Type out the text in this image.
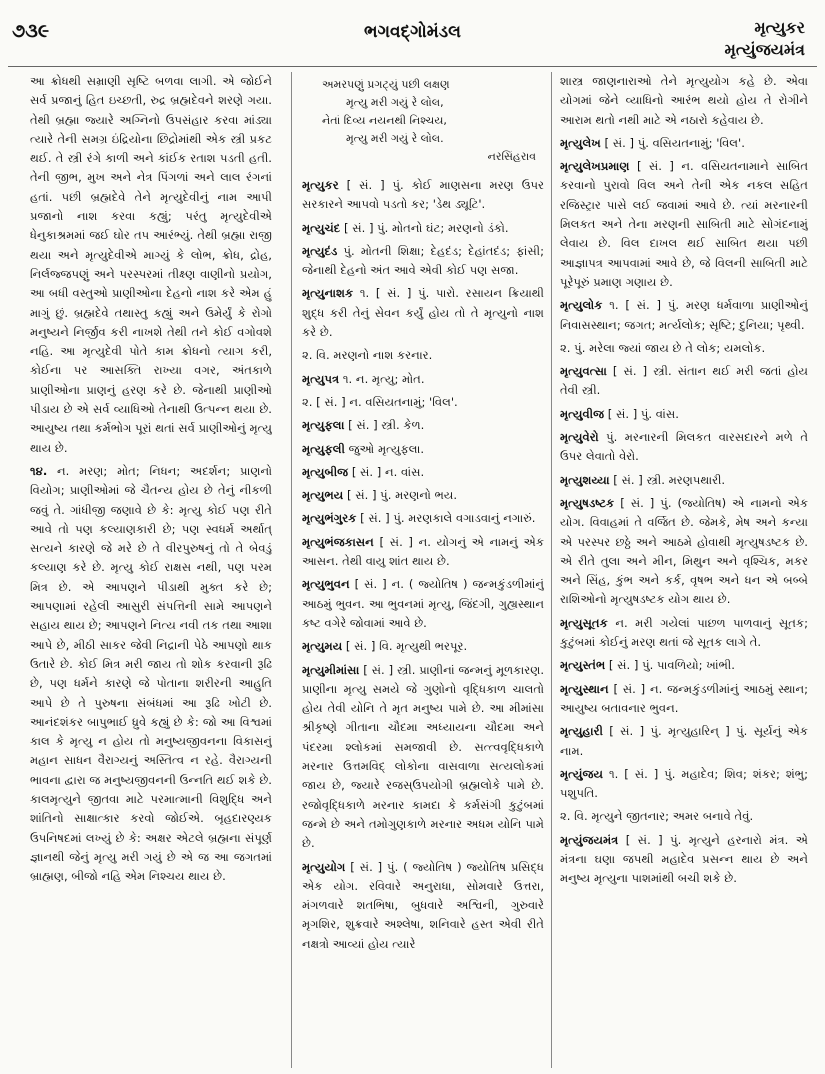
૭૩૯	ભગવદ્ગોમંડલ	મૃત્યુકર
મૃત્યુંજયમંત્ર

આ ક્રોધથી સમ્રાણી સૃષ્ટિ બળવા લાગી. એ જોઈને સર્વ પ્રજાનું હિત ઇચ્છતી, રુદ્ર બ્રહ્મદેવને શરણે ગયા. તેથી બ્રહ્મા જ્યારે અગ્નિનો ઉપસંહાર કરવા માંડ્યા ત્યારે તેની સમગ્ર ઇંદ્રિયોના છિદ્રોમાંથી એક સ્ત્રી પ્રકટ થઈ. તે સ્ત્રી રંગે કાળી અને કાંઈક રતાશ પડતી હતી. તેની જીભ, મુખ અને નેત્ર પિંગળાં અને લાલ રંગનાં હતાં. પછી બ્રહ્મદેવે તેને મૃત્યુદેવીનું નામ આપી પ્રજાનો નાશ કરવા કહ્યું; પરંતુ મૃત્યુદેવીએ ધેનુકાશ્રમમાં જઈ ઘોર તપ આરંભ્યું. તેથી બ્રહ્મા રાજી થયા અને મૃત્યુદેવીએ માગ્યું કે લોભ, ક્રોધ, દ્રોહ, નિર્લજ્જપણું અને પરસ્પરમાં તીક્ષ્ણ વાણીનો પ્રયોગ, આ બધી વસ્તુઓ પ્રાણીઓના દેહનો નાશ કરે એમ હું માગું છું. બ્રહ્મદેવે તથાસ્તુ કહ્યું અને ઉમેર્યું કે રોગો મનુષ્યને નિર્જીવ કરી નાખશે તેથી તને કોઈ વગોવશે નહિ. આ મૃત્યુદેવી પોતે કામ ક્રોધનો ત્યાગ કરી, કોઈના પર આસક્તિ રાખ્યા વગર, અંતકાળે પ્રાણીઓના પ્રાણનું હરણ કરે છે. જેનાથી પ્રાણીઓ પીડાય છે એ સર્વ વ્યાધિઓ તેનાથી ઉત્પન્ન થયા છે. આયુષ્ય તથા કર્મભોગ પૂરાં થતાં સર્વ પ્રાણીઓનું મૃત્યુ થાય છે.

૧૪. ન. મરણ; મોત; નિધન; અદર્શન; પ્રાણનો વિયોગ; પ્રાણીઓમાં જે ચૈતન્ય હોય છે તેનું નીકળી જવું તે. ગાંધીજી જણાવે છે કે: મૃત્યુ કોઈ પણ રીતે આવે તો પણ કલ્યાણકારી છે; પણ સ્વધર્મ અર્થાત્ સત્યને કારણે જે મરે છે તે વીરપુરુષનું તો તે બેવડું કલ્યાણ કરે છે. મૃત્યુ કોઈ રાક્ષસ નથી, પણ પરમ મિત્ર છે. એ આપણને પીડાથી મુક્ત કરે છે; આપણામાં રહેલી આસુરી સંપત્તિની સામે આપણને સહાય થાય છે; આપણને નિત્ય નવી તક તથા આશા આપે છે, મીઠી સાકર જેવી નિદ્રાની પેઠે આપણો થાક ઉતારે છે. કોઈ મિત્ર મરી જાય તો શોક કરવાની રૂઢિ છે, પણ ધર્મને કારણે જે પોતાના શરીરની આહુતિ આપે છે તે પુરુષના સંબંધમાં આ રૂઢિ ખોટી છે. આનંદશંકર બાપુભાઈ ધ્રુવે કહ્યું છે કે: જો આ વિશ્વમાં કાલ કે મૃત્યુ ન હોય તો મનુષ્યજીવનના વિકાસનું મહાન સાધન વૈરાગ્યનું અસ્તિત્વ ન રહે. વૈરાગ્યની ભાવના દ્વારા જ મનુષ્યજીવનની ઉન્નતિ થઈ શકે છે. કાલમૃત્યુને જીતવા માટે પરમાત્માની વિશુદ્ધિ અને શાંતિનો સાક્ષાત્કાર કરવો જોઈએ. બૃહદારણ્યક ઉપનિષદમાં લખ્યું છે કે: અક્ષર એટલે બ્રહ્મના સંપૂર્ણ જ્ઞાનથી જેનું મૃત્યુ મરી ગયું છે એ જ આ જગતમાં બ્રાહ્મણ, બીજો નહિ એમ નિશ્ચય થાય છે.

અમરપણું પ્રગટ્યું પછી લક્ષણ
મૃત્યુ મરી ગયું રે લોલ,
નેતાં દિવ્ય નયનથી નિશ્ચય,
મૃત્યુ મરી ગયું રે લોલ.
નરસિંહરાવ

મૃત્યુકર [ સં. ] પું. કોઈ માણસના મરણ ઉપર સરકારને આપવો પડતો કર; 'ડેથ ડ્યૂટિ'.

મૃત્યુચંદ [ સં. ] પું. મોતનો ઘંટ; મરણનો ડંકો.

મૃત્યુદંડ પું. મોતની શિક્ષા; દેહદંડ; દેહાંતદંડ; ફાંસી; જેનાથી દેહનો અંત આવે એવી કોઈ પણ સજા.

મૃત્યુનાશક ૧. [ સં. ] પું. પારો. રસાયન ક્રિયાથી શુદ્ધ કરી તેનું સેવન કર્યું હોય તો તે મૃત્યુનો નાશ કરે છે.

૨. વિ. મરણનો નાશ કરનાર.

મૃત્યુપત્ર ૧. ન. મૃત્યુ; મોત.

૨. [ સં. ] ન. વસિયતનામું; 'વિલ'.

મૃત્યુફલા [ સં. ] સ્ત્રી. કેળ.

મૃત્યુફલી જુઓ મૃત્યુફલા.

મૃત્યુબીજ [ સં. ] ન. વાંસ.

મૃત્યુભય [ સં. ] પું. મરણનો ભય.

મૃત્યુભંગુરક [ સં. ] પું. મરણકાલે વગાડવાનું નગારું.

મૃત્યુભંજકાસન [ સં. ] ન. યોગનું એ નામનું એક આસન. તેથી વાયુ શાંત થાય છે.

મૃત્યુભુવન [ સં. ] ન. ( જ્યોતિષ ) જન્મકુંડળીમાંનું આઠમું ભુવન. આ ભુવનમાં મૃત્યુ, જિંદગી, ગુહ્યસ્થાન કષ્ટ વગેરે જોવામાં આવે છે.

મૃત્યુમય [ સં. ] વિ. મૃત્યુથી ભરપૂર.

મૃત્યુમીમાંસા [ સં. ] સ્ત્રી. પ્રાણીનાં જન્મનું મૂળકારણ. પ્રાણીના મૃત્યુ સમયે જે ગુણોનો વૃદ્ધિકાળ ચાલતો હોય તેવી યોનિ તે મૃત મનુષ્ય પામે છે. આ મીમાંસા શ્રીકૃષ્ણે ગીતાના ચૌદમા અધ્યાયના ચૌદમા અને પંદરમા શ્લોકમાં સમજાવી છે. સત્ત્વવૃદ્ધિકાળે મરનાર ઉત્તમવિદ્ લોકોના વાસવાળા સત્યલોકમાં જાય છે, જ્યારે રજસ્ઉપયોગી બ્રહ્મલોકે પામે છે. રજોવૃદ્ધિકાળે મરનાર કામદા કે કર્મસંગી કુટુંબમાં જન્મે છે અને તમોગુણકાળે મરનાર અધમ યોનિ પામે છે.

મૃત્યુયોગ [ સં. ] પું. ( જ્યોતિષ ) જ્યોતિષ પ્રસિદ્ધ એક યોગ. રવિવારે અનુરાધા, સોમવારે ઉત્તરા, મંગળવારે શતભિષા, બુધવારે અશ્વિની, ગુરુવારે મૃગશિર, શુક્રવારે અશ્લેષા, શનિવારે હસ્ત એવી રીતે નક્ષત્રો આવ્યાં હોય ત્યારે

શાસ્ત્ર જાણનારાઓ તેને મૃત્યુયોગ કહે છે. એવા યોગમાં જેને વ્યાધિનો આરંભ થયો હોય તે રોગીને આરામ થતો નથી માટે એ નઠારો કહેવાય છે.

મૃત્યુલેખ [ સં. ] પું. વસિયતનામું; 'વિલ'.

મૃત્યુલેખપ્રમાણ [ સં. ] ન. વસિયતનામાને સાબિત કરવાનો પુરાવો વિલ અને તેની એક નકલ સહિત રજિસ્ટ્રાર પાસે લઈ જવામાં આવે છે. ત્યાં મરનારની મિલકત અને તેના મરણની સાબિતી માટે સોગંદનામું લેવાય છે. વિલ દાખલ થઈ સાબિત થયા પછી આજ્ઞાપત્ર આપવામાં આવે છે, જે વિલની સાબિતી માટે પૂરેપૂરું પ્રમાણ ગણાય છે.

મૃત્યુલોક ૧. [ સં. ] પું. મરણ ધર્મવાળા પ્રાણીઓનું નિવાસસ્થાન; જગત; મર્ત્યલોક; સૃષ્ટિ; દુનિયા; પૃથ્વી.

૨. પું. મરેલા જ્યાં જાય છે તે લોક; યમલોક.

મૃત્યુવત્સા [ સં. ] સ્ત્રી. સંતાન થઈ મરી જતાં હોય તેવી સ્ત્રી.

મૃત્યુવીજ [ સં. ] પું. વાંસ.

મૃત્યુવેરો પું. મરનારની મિલકત વારસદારને મળે તે ઉપર લેવાતો વેરો.

મૃત્યુશય્યા [ સં. ] સ્ત્રી. મરણપથારી.

મૃત્યુષડષ્ટક [ સં. ] પું. (જ્યોતિષ) એ નામનો એક યોગ. વિવાહમાં તે વર્જિત છે. જેમકે, મેષ અને કન્યા એ પરસ્પર છઠ્ઠે અને આઠમે હોવાથી મૃત્યુષડષ્ટક છે. એ રીતે તુલા અને મીન, મિથુન અને વૃશ્ચિક, મકર અને સિંહ, કુંભ અને કર્ક, વૃષભ અને ધન એ બબ્બે રાશિઓનો મૃત્યુષડષ્ટક યોગ થાય છે.

મૃત્યુસૂતક ન. મરી ગયેલાં પાછળ પાળવાનું સૂતક; કુટુંબમાં કોઈનું મરણ થતાં જે સૂતક લાગે તે.

મૃત્યુસ્તંભ [ સં. ] પું. પાવળિયો; ખાંભી.

મૃત્યુસ્થાન [ સં. ] ન. જન્મકુંડળીમાંનું આઠમું સ્થાન; આયુષ્ય બતાવનાર ભુવન.

મૃત્યુહારી [ સં. ] પું. મૃત્યુહારિન્ ] પું. સૂર્યનું એક નામ.

મૃત્યુંજય ૧. [ સં. ] પું. મહાદેવ; શિવ; શંકર; શંભુ; પશુપતિ.

૨. વિ. મૃત્યુને જીતનાર; અમર બનાવે તેવું.

મૃત્યુંજયમંત્ર [ સં. ] પું. મૃત્યુને હરનારો મંત્ર. એ મંત્રના ઘણા જપથી મહાદેવ પ્રસન્ન થાય છે અને મનુષ્ય મૃત્યુના પાશમાંથી બચી શકે છે.
